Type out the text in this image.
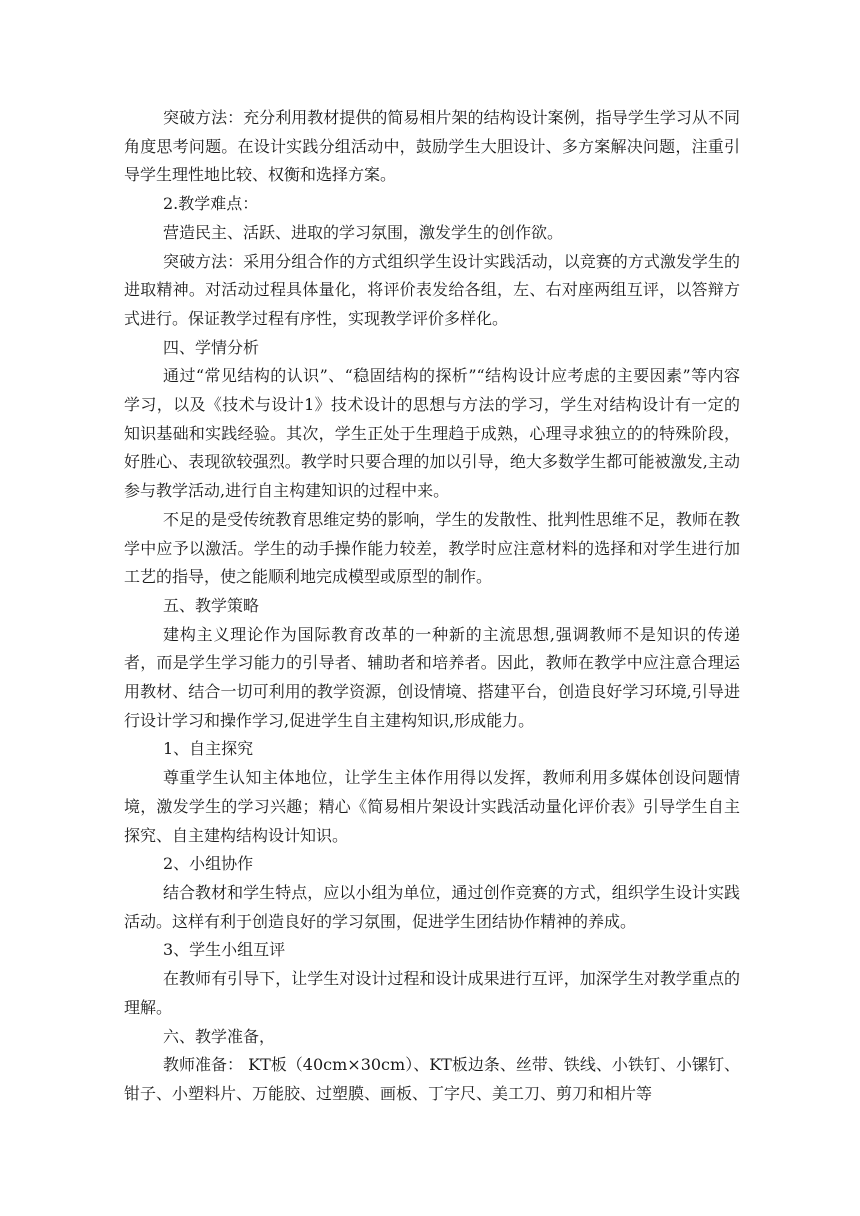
突破方法：充分利用教材提供的简易相片架的结构设计案例，指导学生学习从不同角度思考问题。在设计实践分组活动中，鼓励学生大胆设计、多方案解决问题，注重引导学生理性地比较、权衡和选择方案。

2.教学难点：

营造民主、活跃、进取的学习氛围，激发学生的创作欲。

突破方法：采用分组合作的方式组织学生设计实践活动，以竞赛的方式激发学生的进取精神。对活动过程具体量化，将评价表发给各组，左、右对座两组互评，以答辩方式进行。保证教学过程有序性，实现教学评价多样化。

四、学情分析

通过“常见结构的认识”、“稳固结构的探析”“结构设计应考虑的主要因素”等内容学习，以及《技术与设计1》技术设计的思想与方法的学习，学生对结构设计有一定的知识基础和实践经验。其次，学生正处于生理趋于成熟，心理寻求独立的的特殊阶段，好胜心、表现欲较强烈。教学时只要合理的加以引导，绝大多数学生都可能被激发,主动参与教学活动,进行自主构建知识的过程中来。

不足的是受传统教育思维定势的影响，学生的发散性、批判性思维不足，教师在教学中应予以激活。学生的动手操作能力较差，教学时应注意材料的选择和对学生进行加工艺的指导，使之能顺利地完成模型或原型的制作。

五、教学策略

建构主义理论作为国际教育改革的一种新的主流思想,强调教师不是知识的传递者，而是学生学习能力的引导者、辅助者和培养者。因此，教师在教学中应注意合理运用教材、结合一切可利用的教学资源，创设情境、搭建平台，创造良好学习环境,引导进行设计学习和操作学习,促进学生自主建构知识,形成能力。

1、自主探究

尊重学生认知主体地位，让学生主体作用得以发挥，教师利用多媒体创设问题情境，激发学生的学习兴趣；精心《简易相片架设计实践活动量化评价表》引导学生自主探究、自主建构结构设计知识。

2、小组协作

结合教材和学生特点，应以小组为单位，通过创作竞赛的方式，组织学生设计实践活动。这样有利于创造良好的学习氛围，促进学生团结协作精神的养成。

3、学生小组互评

在教师有引导下，让学生对设计过程和设计成果进行互评，加深学生对教学重点的理解。

六、教学准备，

教师准备： KT板（40cm×30cm）、KT板边条、丝带、铁线、小铁钉、小镙钉、钳子、小塑料片、万能胶、过塑膜、画板、丁字尺、美工刀、剪刀和相片等
